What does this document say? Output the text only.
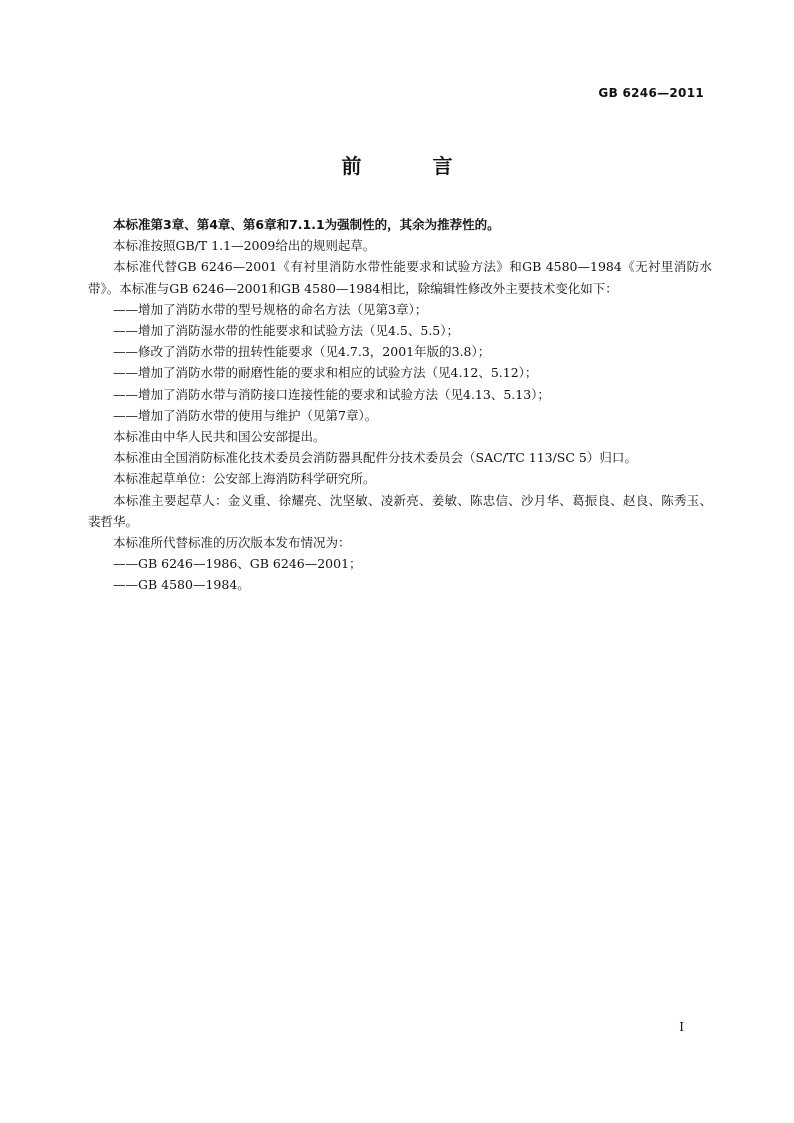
GB 6246—2011
前 言

本标准第3章、第4章、第6章和7.1.1为强制性的，其余为推荐性的。

本标准按照GB/T 1.1—2009给出的规则起草。

本标准代替GB 6246—2001《有衬里消防水带性能要求和试验方法》和GB 4580—1984《无衬里消防水带》。本标准与GB 6246—2001和GB 4580—1984相比，除编辑性修改外主要技术变化如下：

——增加了消防水带的型号规格的命名方法（见第3章）；

——增加了消防湿水带的性能要求和试验方法（见4.5、5.5）；

——修改了消防水带的扭转性能要求（见4.7.3，2001年版的3.8）；

——增加了消防水带的耐磨性能的要求和相应的试验方法（见4.12、5.12）；

——增加了消防水带与消防接口连接性能的要求和试验方法（见4.13、5.13）；

——增加了消防水带的使用与维护（见第7章）。

本标准由中华人民共和国公安部提出。

本标准由全国消防标准化技术委员会消防器具配件分技术委员会（SAC/TC 113/SC 5）归口。

本标准起草单位：公安部上海消防科学研究所。

本标准主要起草人：金义重、徐耀亮、沈坚敏、凌新亮、姜敏、陈忠信、沙月华、葛振良、赵良、陈秀玉、裴哲华。

本标准所代替标准的历次版本发布情况为：

——GB 6246—1986、GB 6246—2001；

——GB 4580—1984。

I
